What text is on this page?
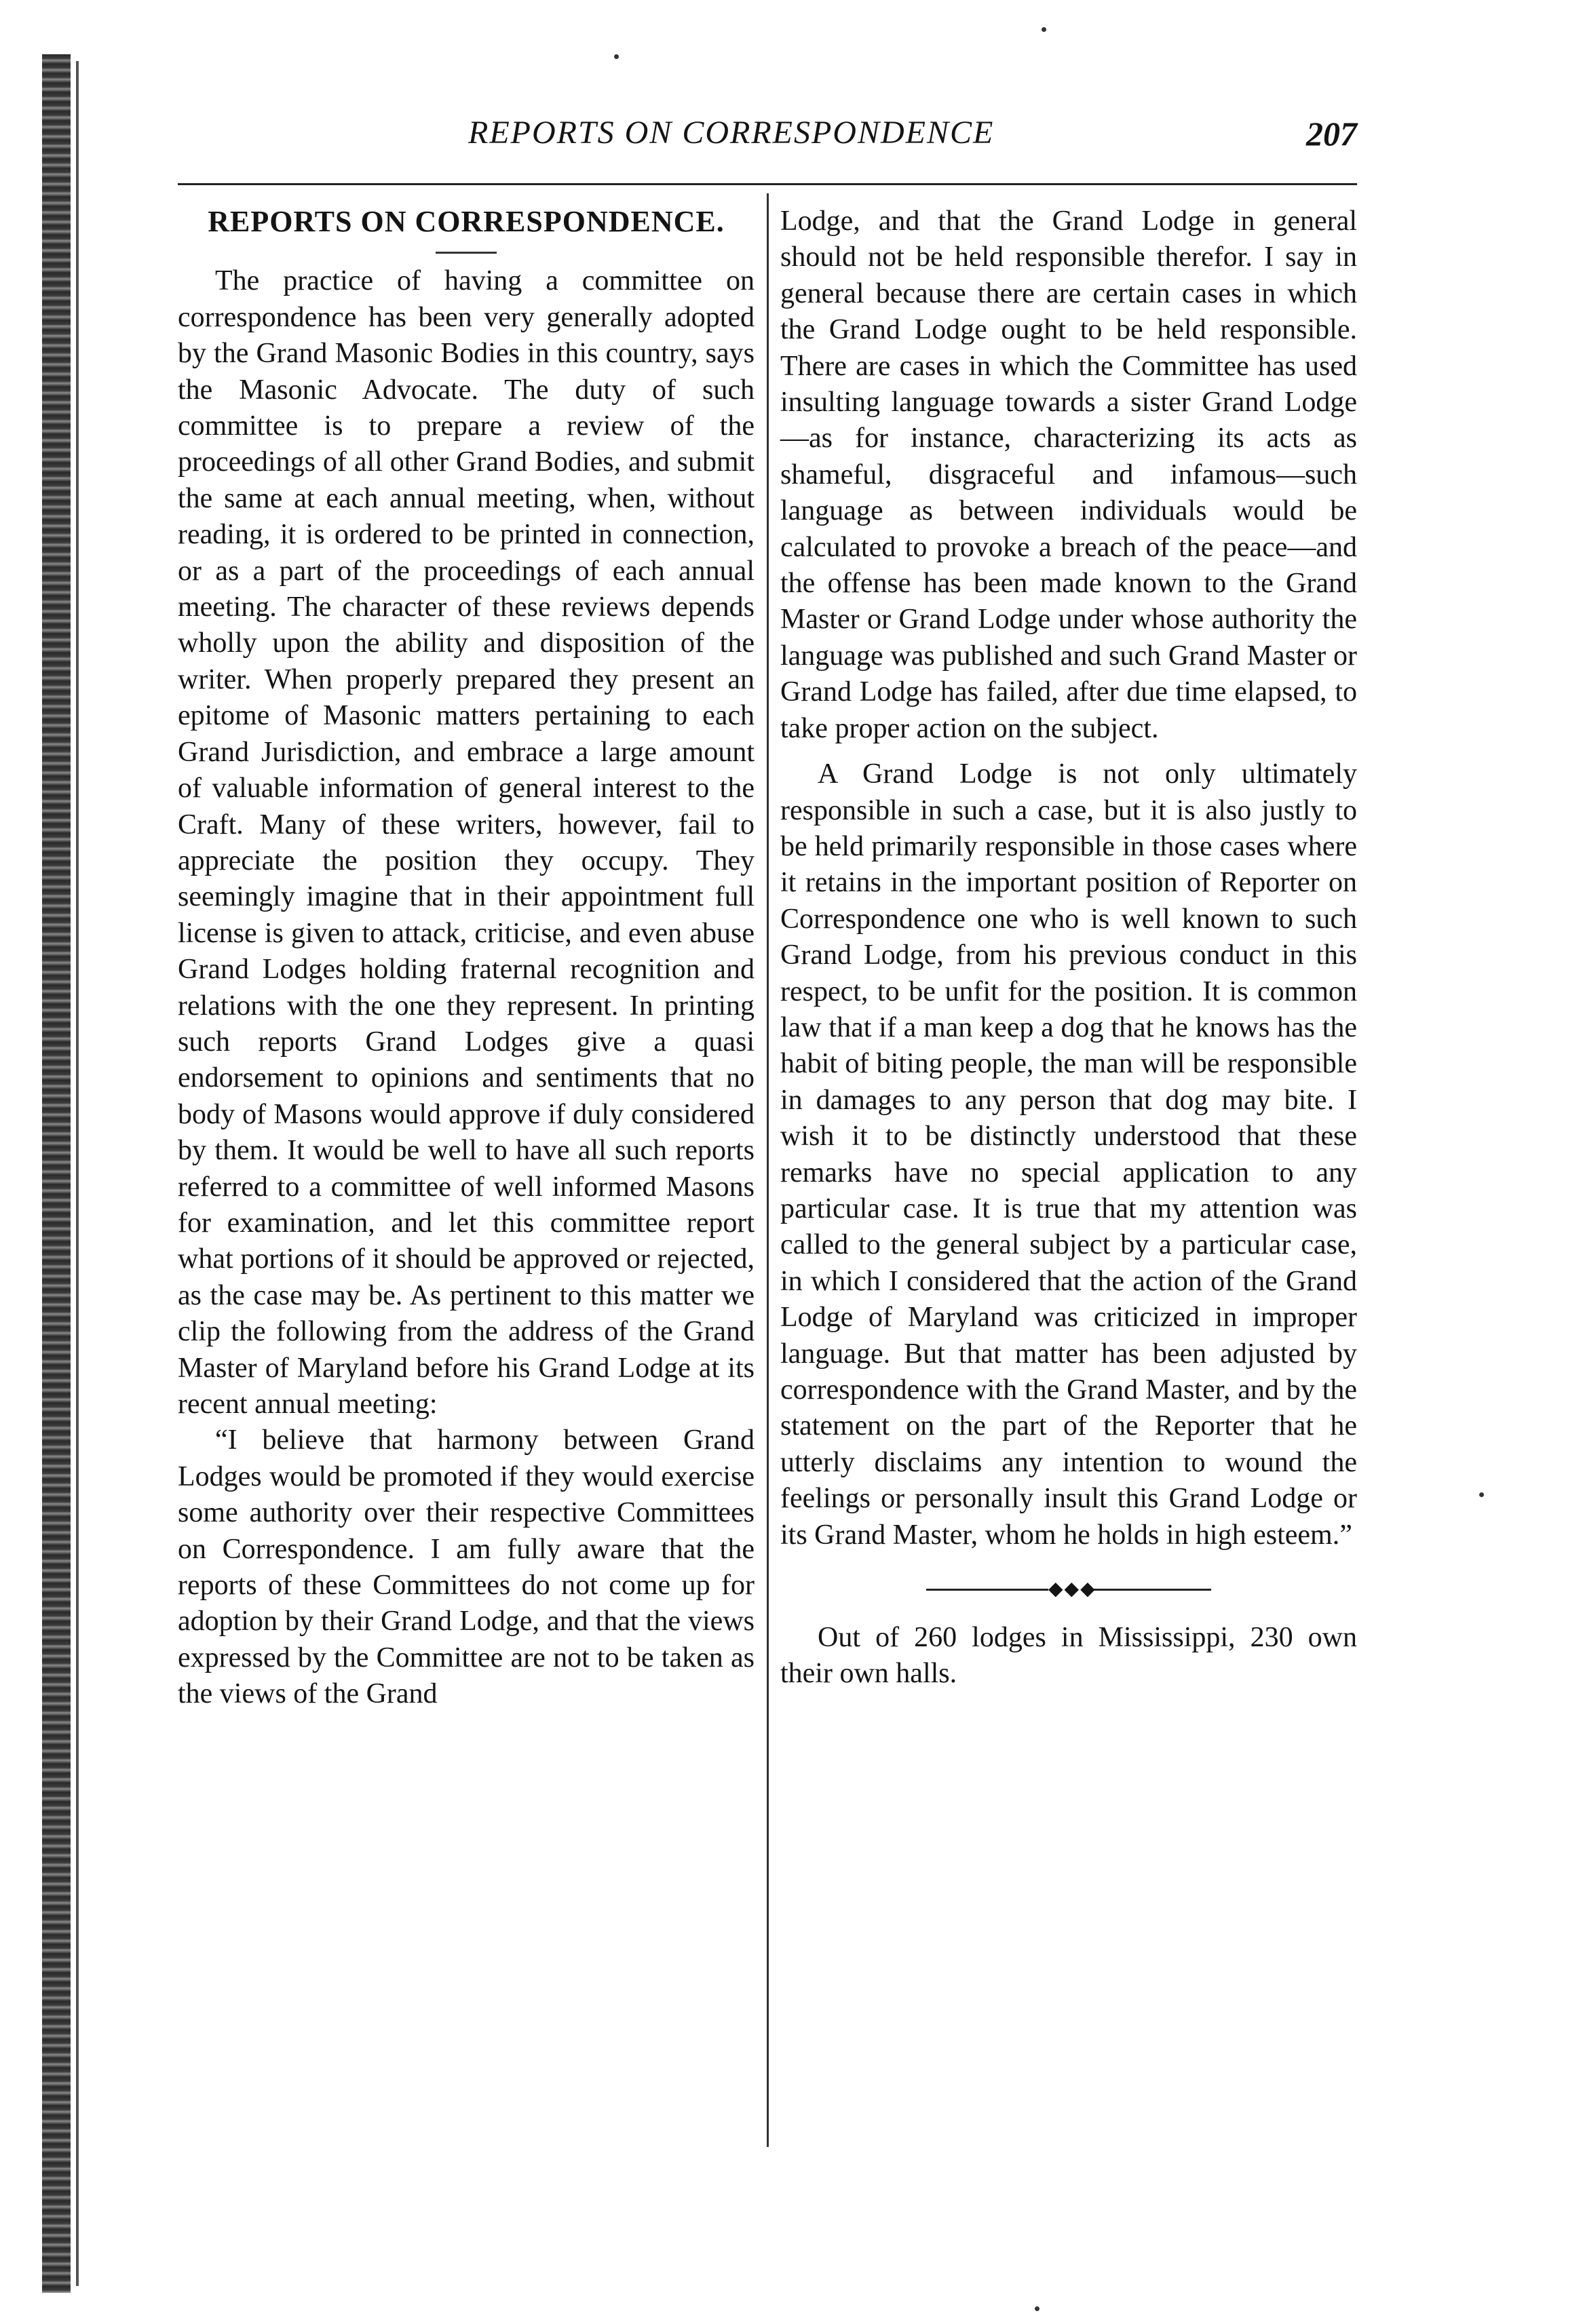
REPORTS ON CORRESPONDENCE	207
REPORTS ON CORRESPONDENCE.

The practice of having a committee on correspondence has been very generally adopted by the Grand Masonic Bodies in this country, says the Masonic Advocate. The duty of such committee is to prepare a review of the proceedings of all other Grand Bodies, and submit the same at each annual meeting, when, without reading, it is ordered to be printed in connection, or as a part of the proceedings of each annual meeting. The character of these reviews depends wholly upon the ability and disposition of the writer. When properly prepared they present an epitome of Masonic matters pertaining to each Grand Jurisdiction, and embrace a large amount of valuable information of general interest to the Craft. Many of these writers, however, fail to appreciate the position they occupy. They seemingly imagine that in their appointment full license is given to attack, criticise, and even abuse Grand Lodges holding fraternal recognition and relations with the one they represent. In printing such reports Grand Lodges give a quasi endorsement to opinions and sentiments that no body of Masons would approve if duly considered by them. It would be well to have all such reports referred to a committee of well informed Masons for examination, and let this committee report what portions of it should be approved or rejected, as the case may be. As pertinent to this matter we clip the following from the address of the Grand Master of Maryland before his Grand Lodge at its recent annual meeting:

“I believe that harmony between Grand Lodges would be promoted if they would exercise some authority over their respective Committees on Correspondence. I am fully aware that the reports of these Committees do not come up for adoption by their Grand Lodge, and that the views expressed by the Committee are not to be taken as the views of the Grand

Lodge, and that the Grand Lodge in general should not be held responsible therefor. I say in general because there are certain cases in which the Grand Lodge ought to be held responsible. There are cases in which the Committee has used insulting language towards a sister Grand Lodge—as for instance, characterizing its acts as shameful, disgraceful and infamous—such language as between individuals would be calculated to provoke a breach of the peace—and the offense has been made known to the Grand Master or Grand Lodge under whose authority the language was published and such Grand Master or Grand Lodge has failed, after due time elapsed, to take proper action on the subject.

A Grand Lodge is not only ultimately responsible in such a case, but it is also justly to be held primarily responsible in those cases where it retains in the important position of Reporter on Correspondence one who is well known to such Grand Lodge, from his previous conduct in this respect, to be unfit for the position. It is common law that if a man keep a dog that he knows has the habit of biting people, the man will be responsible in damages to any person that dog may bite. I wish it to be distinctly understood that these remarks have no special application to any particular case. It is true that my attention was called to the general subject by a particular case, in which I considered that the action of the Grand Lodge of Maryland was criticized in improper language. But that matter has been adjusted by correspondence with the Grand Master, and by the statement on the part of the Reporter that he utterly disclaims any intention to wound the feelings or personally insult this Grand Lodge or its Grand Master, whom he holds in high esteem.”

◆◆◆

Out of 260 lodges in Mississippi, 230 own their own halls.
